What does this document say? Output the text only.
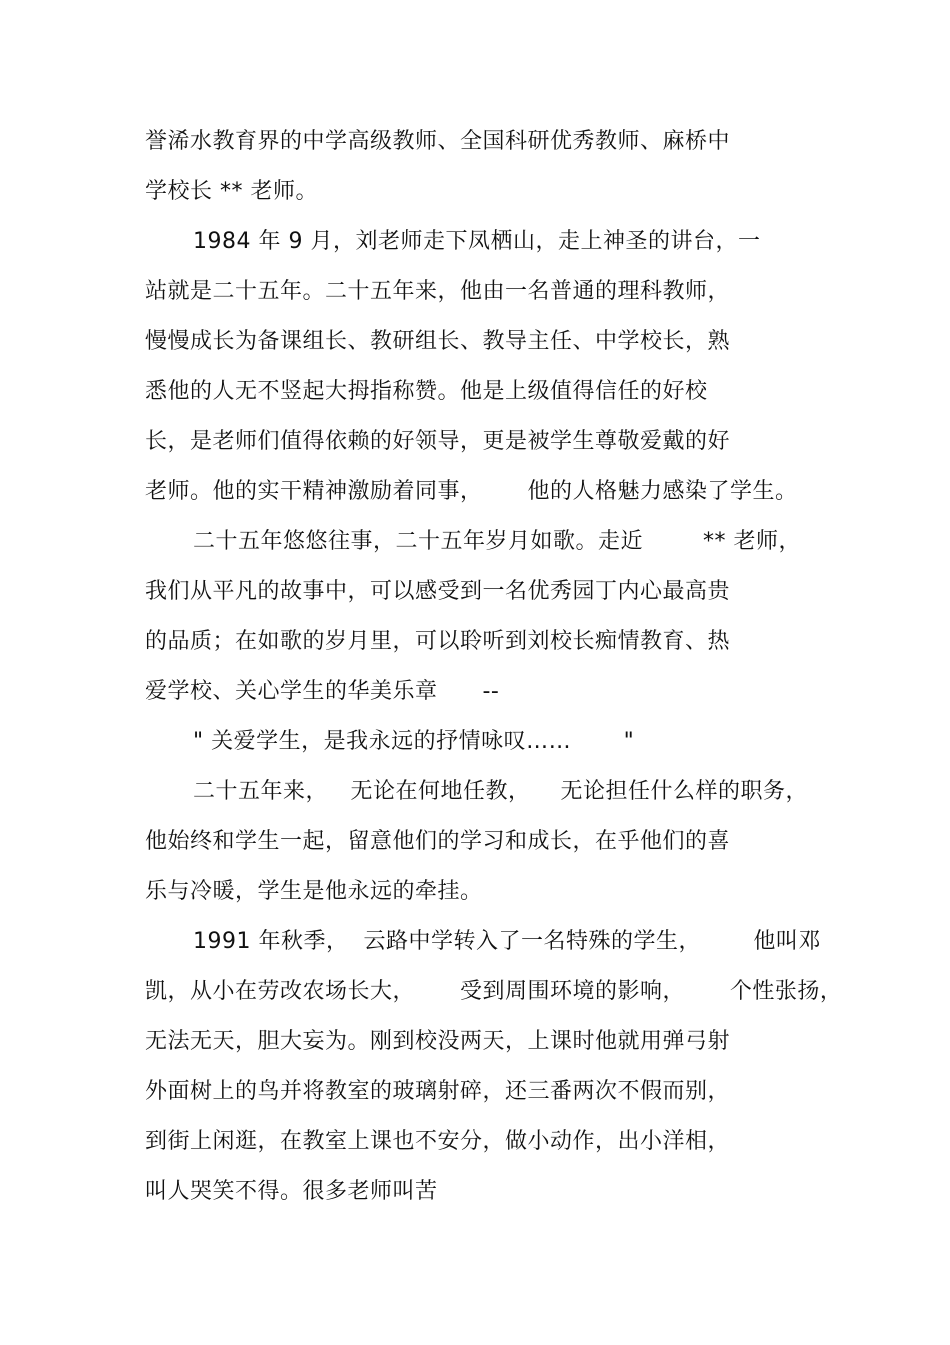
誉浠水教育界的中学高级教师、全国科研优秀教师、麻桥中
学校长 ** 老师。
1984 年 9 月，刘老师走下凤栖山，走上神圣的讲台，一
站就是二十五年。二十五年来，他由一名普通的理科教师，
慢慢成长为备课组长、教研组长、教导主任、中学校长，熟
悉他的人无不竖起大拇指称赞。他是上级值得信任的好校
长，是老师们值得依赖的好领导，更是被学生尊敬爱戴的好
老师。他的实干精神激励着同事，      他的人格魅力感染了学生。
二十五年悠悠往事，二十五年岁月如歌。走近        ** 老师，
我们从平凡的故事中，可以感受到一名优秀园丁内心最高贵
的品质；在如歌的岁月里，可以聆听到刘校长痴情教育、热
爱学校、关心学生的华美乐章      --
" 关爱学生，是我永远的抒情咏叹……       "
二十五年来，   无论在何地任教，    无论担任什么样的职务，
他始终和学生一起，留意他们的学习和成长，在乎他们的喜
乐与冷暖，学生是他永远的牵挂。
1991 年秋季，  云路中学转入了一名特殊的学生，       他叫邓
凯，从小在劳改农场长大，      受到周围环境的影响，      个性张扬，
无法无天，胆大妄为。刚到校没两天，上课时他就用弹弓射
外面树上的鸟并将教室的玻璃射碎，还三番两次不假而别，
到街上闲逛，在教室上课也不安分，做小动作，出小洋相，
叫人哭笑不得。很多老师叫苦
